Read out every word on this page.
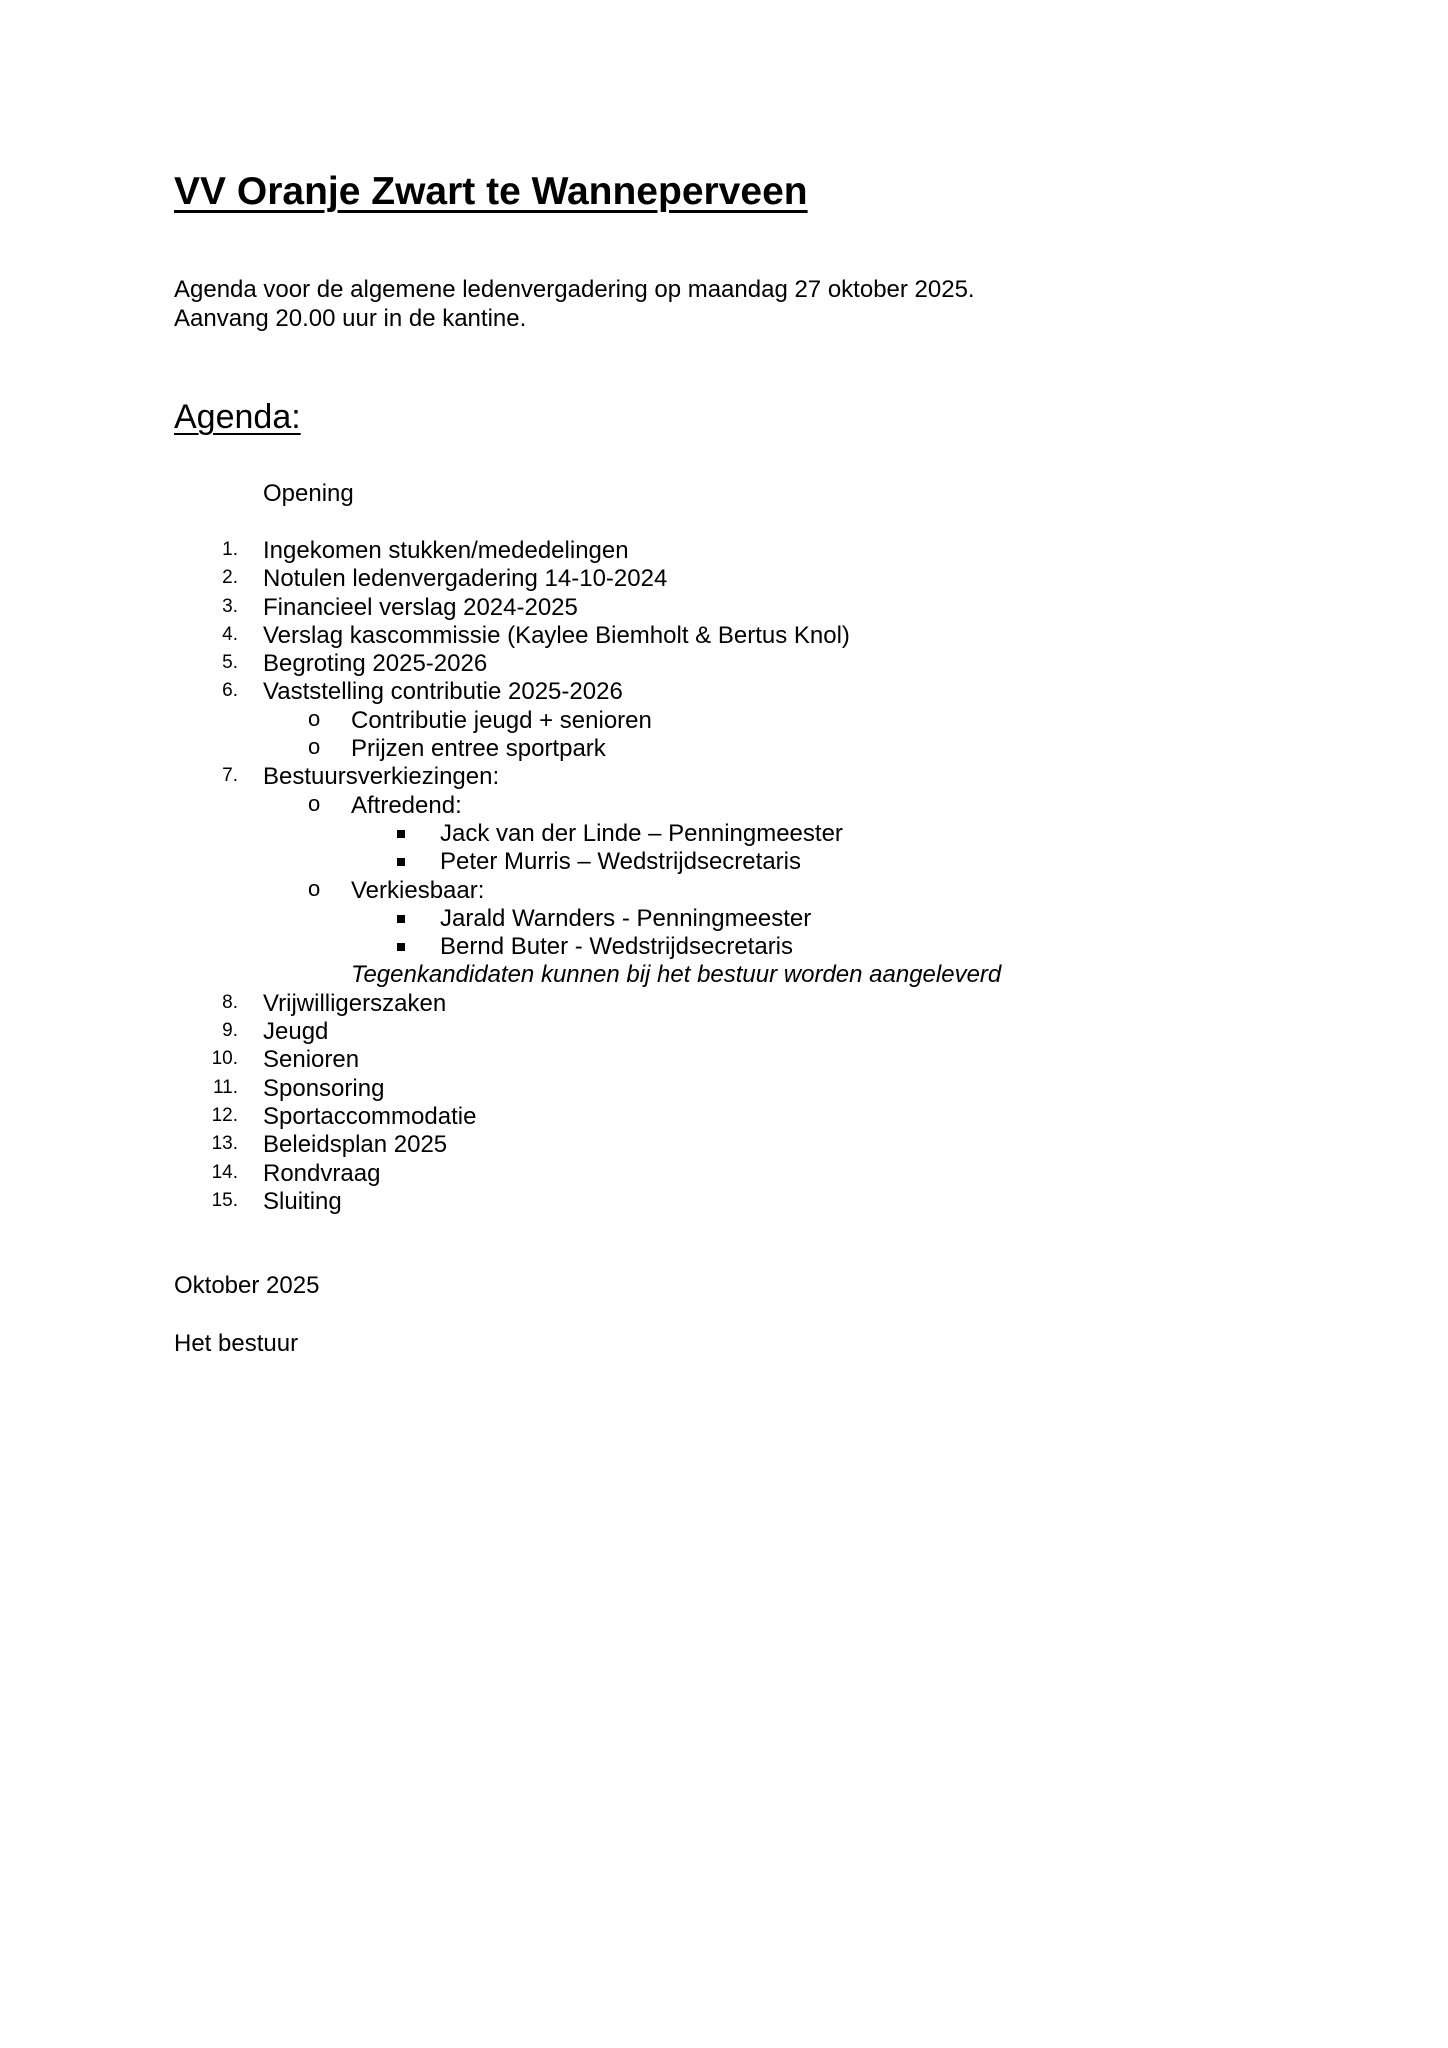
VV Oranje Zwart te Wanneperveen
Agenda voor de algemene ledenvergadering op maandag 27 oktober 2025.
Aanvang 20.00 uur in de kantine.
Agenda:
Opening
1. Ingekomen stukken/mededelingen
2. Notulen ledenvergadering 14-10-2024
3. Financieel verslag 2024-2025
4. Verslag kascommissie (Kaylee Biemholt & Bertus Knol)
5. Begroting 2025-2026
6. Vaststelling contributie 2025-2026
o Contributie jeugd + senioren
o Prijzen entree sportpark
7. Bestuursverkiezingen:
o Aftredend:
Jack van der Linde – Penningmeester
Peter Murris – Wedstrijdsecretaris
o Verkiesbaar:
Jarald Warnders - Penningmeester
Bernd Buter - Wedstrijdsecretaris
Tegenkandidaten kunnen bij het bestuur worden aangeleverd
8. Vrijwilligerszaken
9. Jeugd
10. Senioren
11. Sponsoring
12. Sportaccommodatie
13. Beleidsplan 2025
14. Rondvraag
15. Sluiting
Oktober 2025
Het bestuur
